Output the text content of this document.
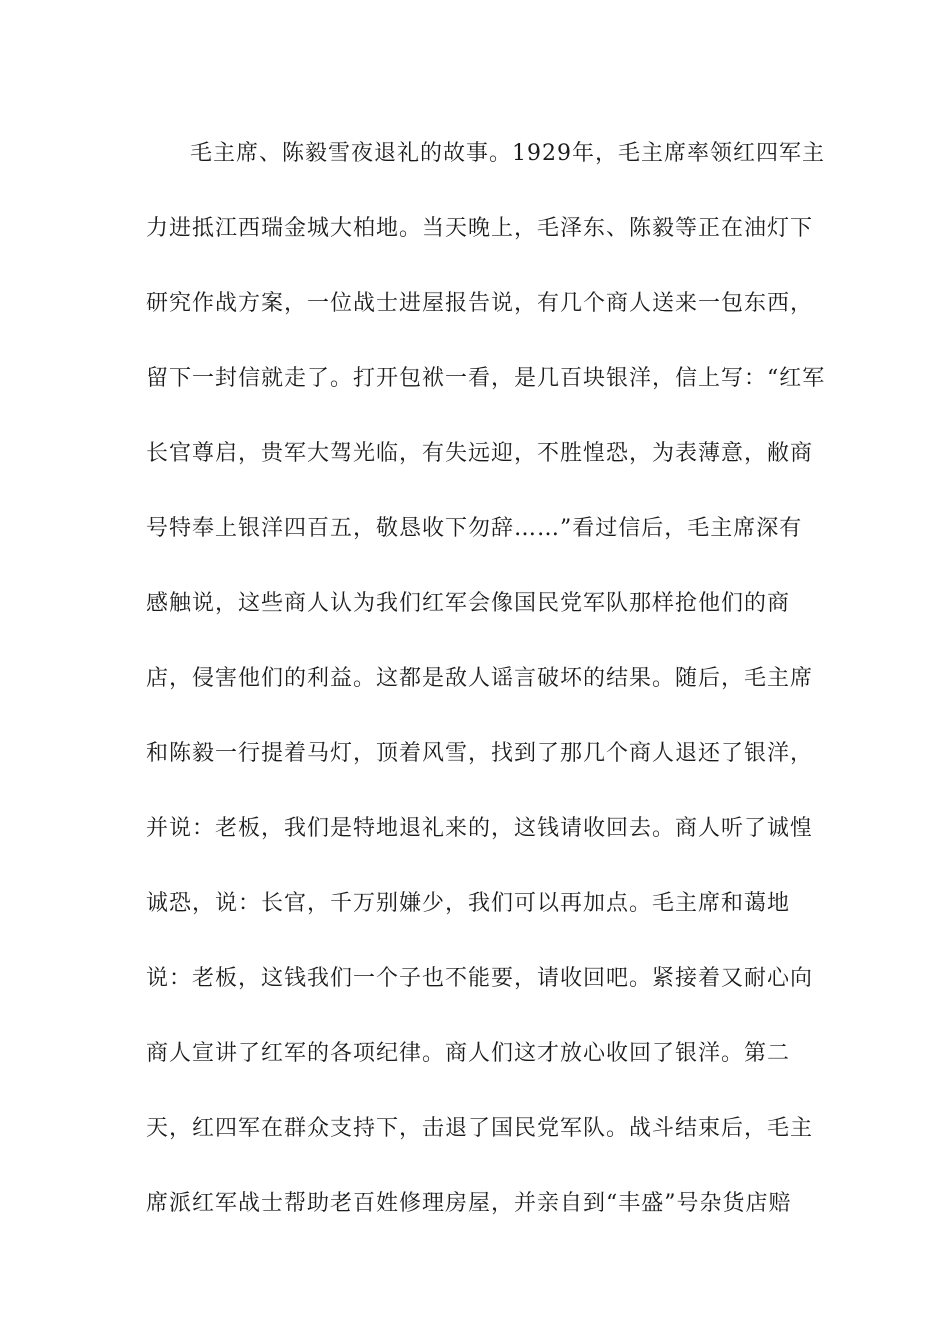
毛主席、陈毅雪夜退礼的故事。1929年，毛主席率领红四军主
力进抵江西瑞金城大柏地。当天晚上，毛泽东、陈毅等正在油灯下
研究作战方案，一位战士进屋报告说，有几个商人送来一包东西，
留下一封信就走了。打开包袱一看，是几百块银洋，信上写：“红军
长官尊启，贵军大驾光临，有失远迎，不胜惶恐，为表薄意，敝商
号特奉上银洋四百五，敬恳收下勿辞……”看过信后，毛主席深有
感触说，这些商人认为我们红军会像国民党军队那样抢他们的商
店，侵害他们的利益。这都是敌人谣言破坏的结果。随后，毛主席
和陈毅一行提着马灯，顶着风雪，找到了那几个商人退还了银洋，
并说：老板，我们是特地退礼来的，这钱请收回去。商人听了诚惶
诚恐，说：长官，千万别嫌少，我们可以再加点。毛主席和蔼地
说：老板，这钱我们一个子也不能要，请收回吧。紧接着又耐心向
商人宣讲了红军的各项纪律。商人们这才放心收回了银洋。第二
天，红四军在群众支持下，击退了国民党军队。战斗结束后，毛主
席派红军战士帮助老百姓修理房屋，并亲自到“丰盛”号杂货店赔
